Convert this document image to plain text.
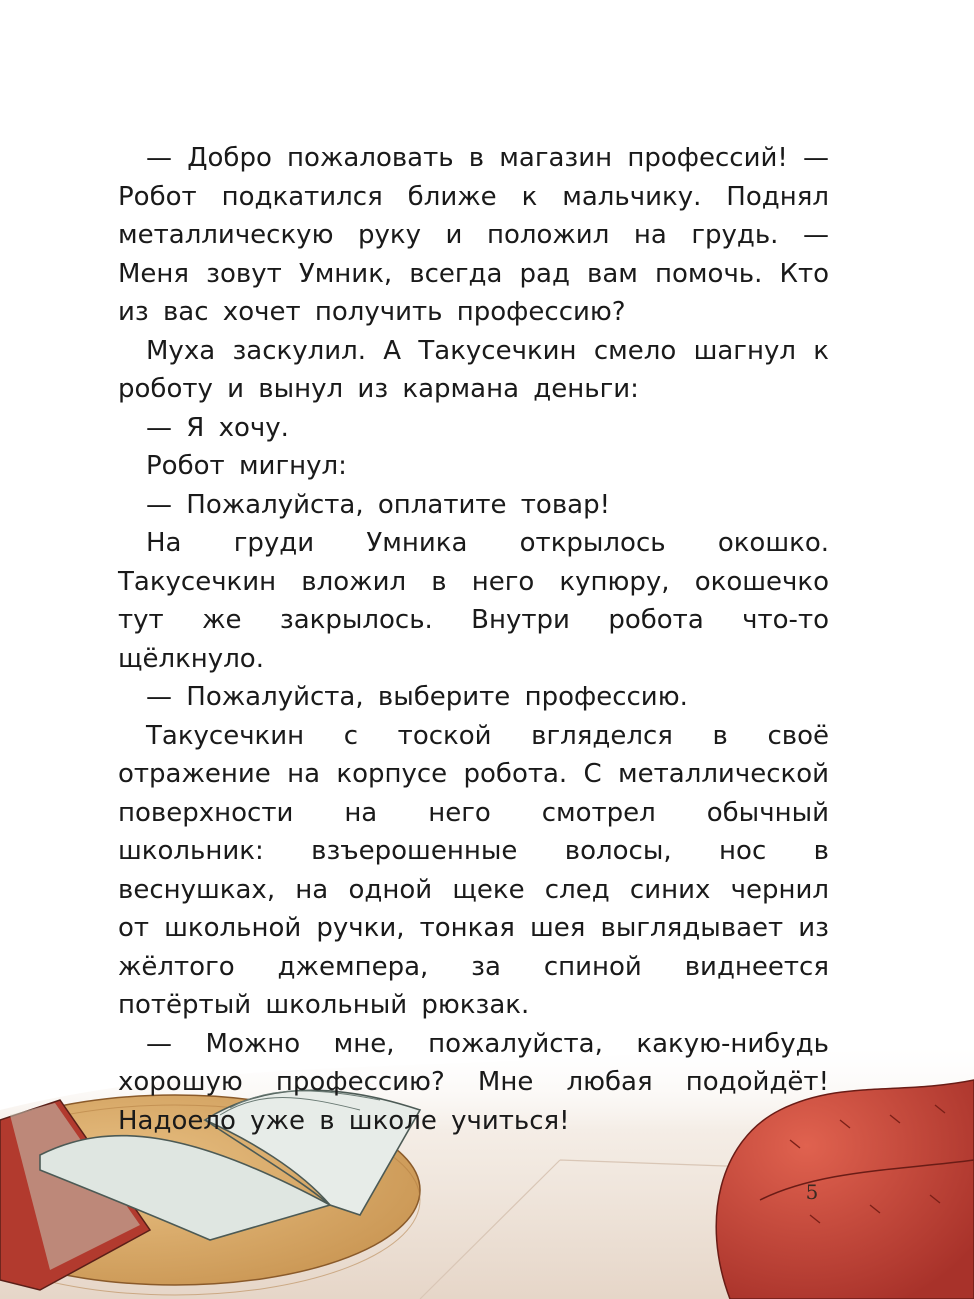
— Добро пожаловать в магазин профессий! — Робот подкатился ближе к мальчику. Поднял металлическую руку и положил на грудь. — Меня зовут Умник, всегда рад вам помочь. Кто из вас хочет получить профессию?

Муха заскулил. А Такусечкин смело шагнул к роботу и вынул из кармана деньги:

— Я хочу.

Робот мигнул:

— Пожалуйста, оплатите товар!

На груди Умника открылось окошко. Такусечкин вложил в него купюру, окошечко тут же закрылось. Внутри робота что-то щёлкнуло.

— Пожалуйста, выберите профессию.

Такусечкин с тоской вгляделся в своё отражение на корпусе робота. С металлической поверхности на него смотрел обычный школьник: взъерошенные волосы, нос в веснушках, на одной щеке след синих чернил от школьной ручки, тонкая шея выглядывает из жёлтого джемпера, за спиной виднеется потёртый школьный рюкзак.

— Можно мне, пожалуйста, какую-нибудь хорошую профессию? Мне любая подойдёт! Надоело уже в школе учиться!

5
